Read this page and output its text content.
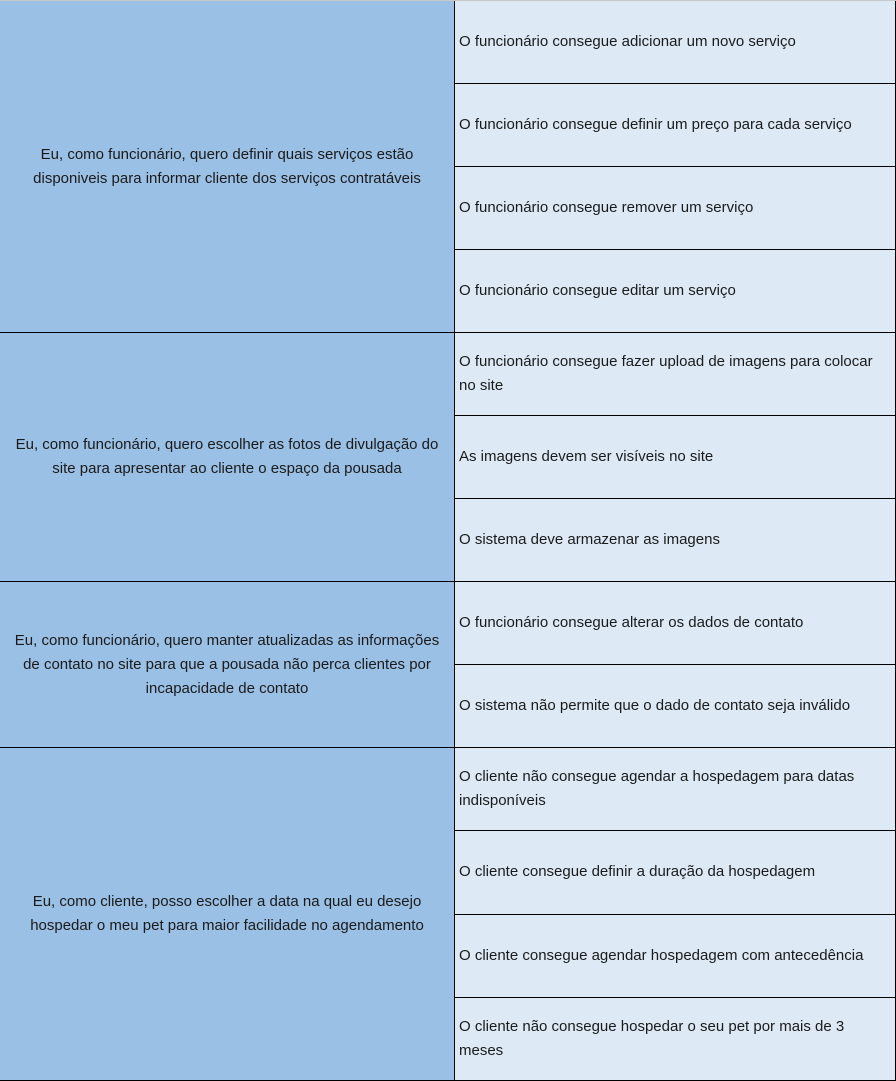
Eu, como funcionário, quero definir quais serviços estão disponiveis para informar cliente dos serviços contratáveis
O funcionário consegue adicionar um novo serviço
O funcionário consegue definir um preço para cada serviço
O funcionário consegue remover um serviço
O funcionário consegue editar um serviço
Eu, como funcionário, quero escolher as fotos de divulgação do site para apresentar ao cliente o espaço da pousada
O funcionário consegue fazer upload de imagens para colocar no site
As imagens devem ser visíveis no site
O sistema deve armazenar as imagens
Eu, como funcionário, quero manter atualizadas as informações de contato no site para que a pousada não perca clientes por incapacidade de contato
O funcionário consegue alterar os dados de contato
O sistema não permite que o dado de contato seja inválido
Eu, como cliente, posso escolher a data na qual eu desejo hospedar o meu pet para maior facilidade no agendamento
O cliente não consegue agendar a hospedagem para datas indisponíveis
O cliente consegue definir a duração da hospedagem
O cliente consegue agendar hospedagem com antecedência
O cliente não consegue hospedar o seu pet por mais de 3 meses
